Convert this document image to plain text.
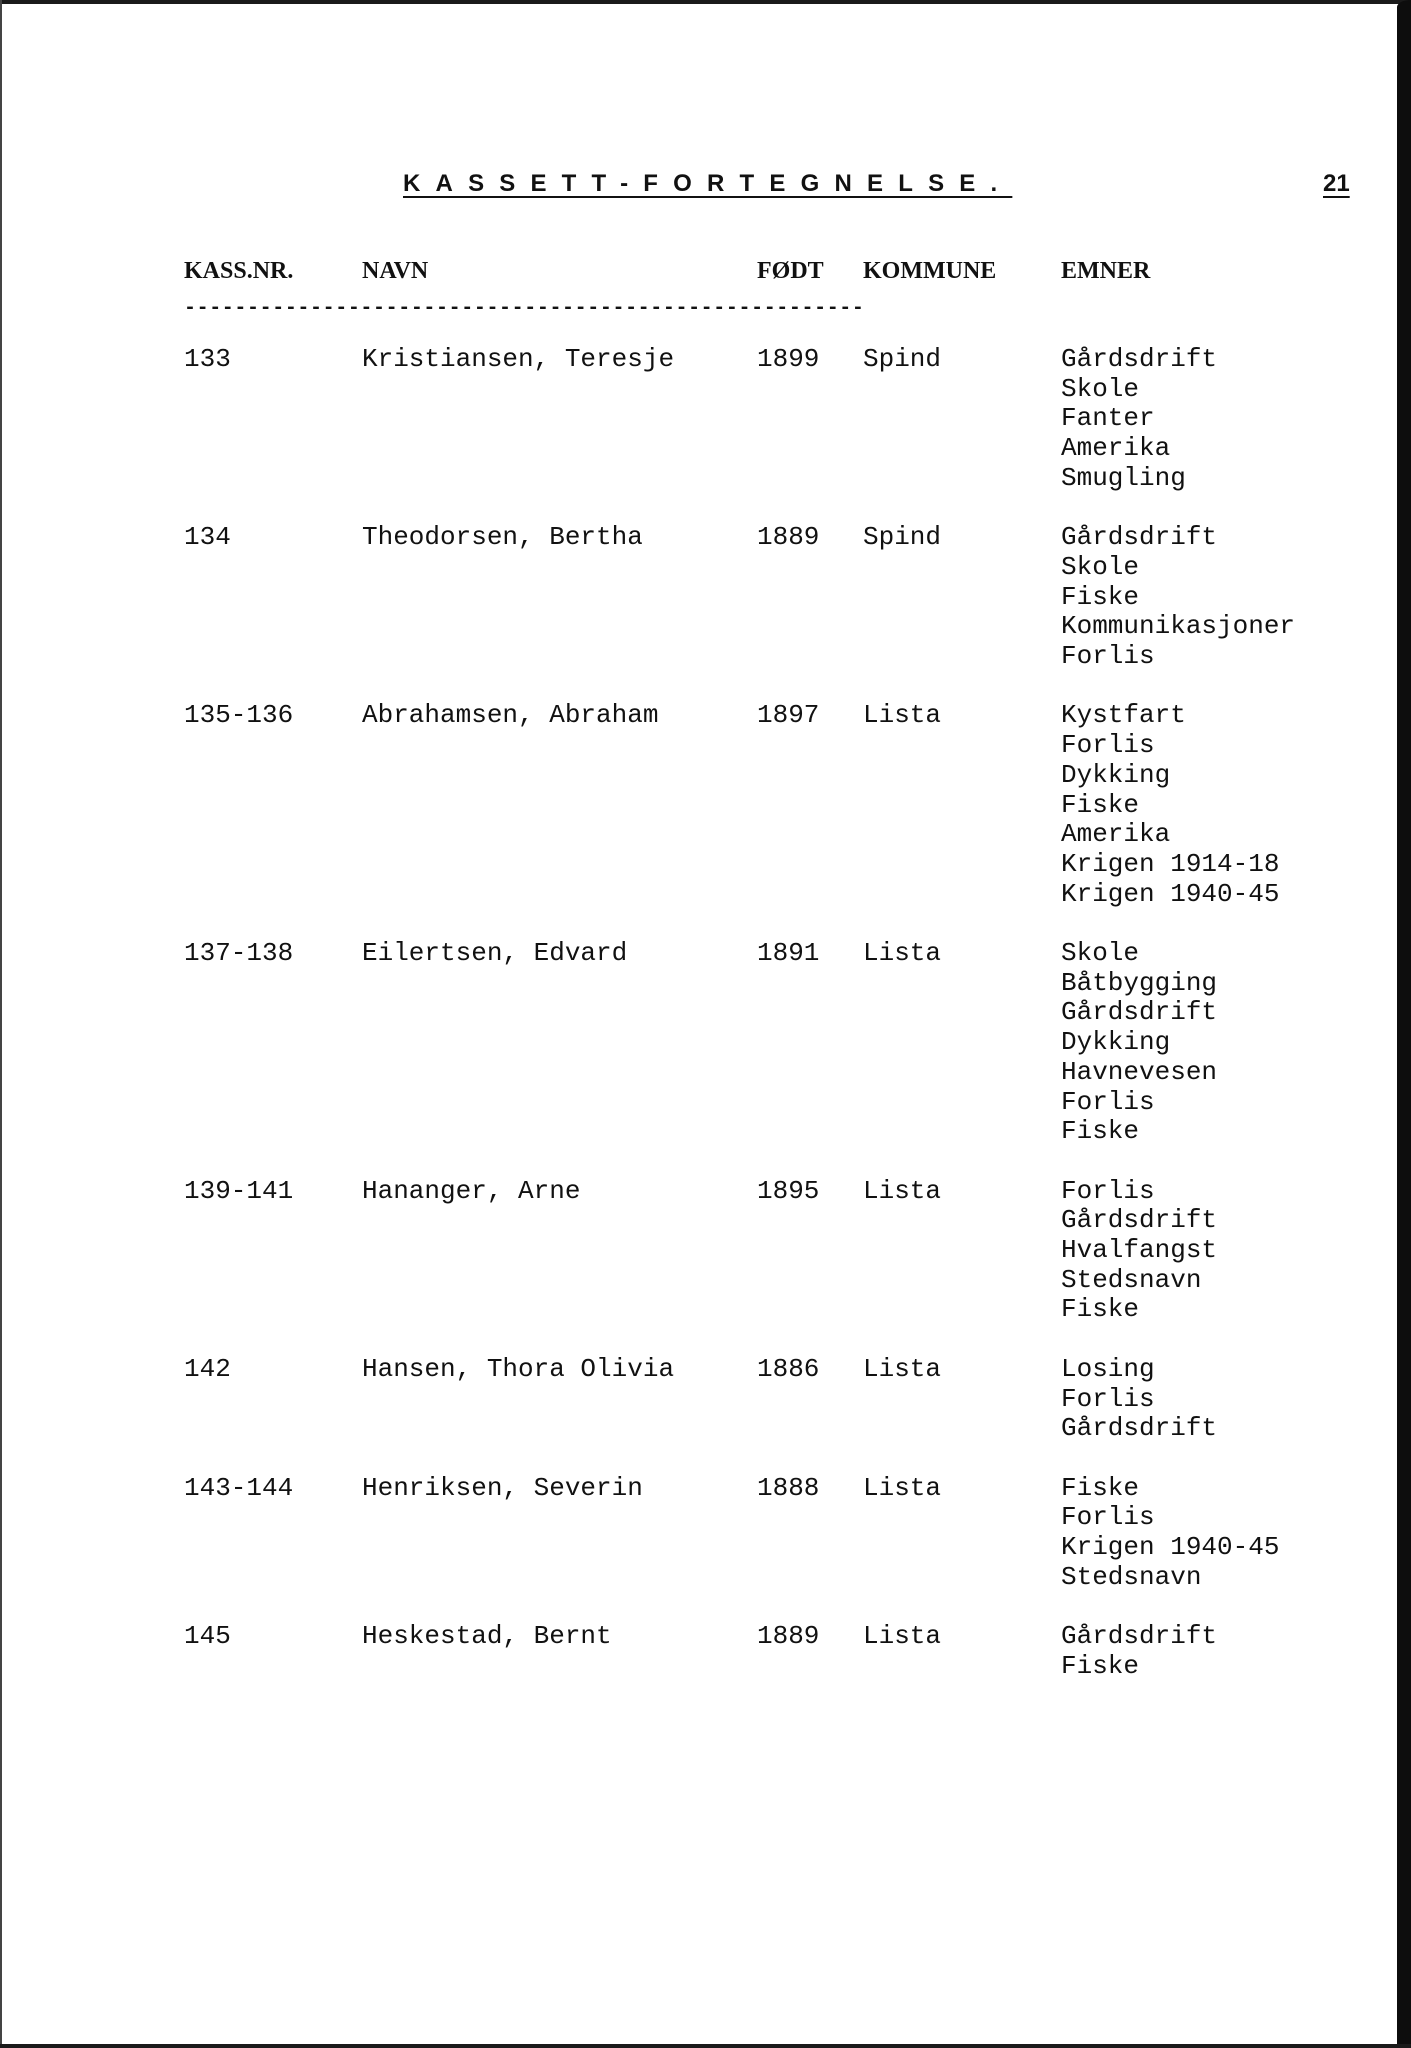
KASSETT-FORTEGNELSE.	21
KASS.NR.	NAVN	FØDT KOMMUNE	EMNER
------------------------------------------------------
133	Kristiansen, Teresje	1899 Spind	Gårdsdrift
Skole
Fanter
Amerika
Smugling
134	Theodorsen, Bertha	1889 Spind	Gårdsdrift
Skole
Fiske
Kommunikasjoner
Forlis
135-136	Abrahamsen, Abraham	1897 Lista	Kystfart
Forlis
Dykking
Fiske
Amerika
Krigen 1914-18
Krigen 1940-45
137-138	Eilertsen, Edvard	1891 Lista	Skole
Båtbygging
Gårdsdrift
Dykking
Havnevesen
Forlis
Fiske
139-141	Hananger, Arne	1895 Lista	Forlis
Gårdsdrift
Hvalfangst
Stedsnavn
Fiske
142	Hansen, Thora Olivia	1886 Lista	Losing
Forlis
Gårdsdrift
143-144	Henriksen, Severin	1888 Lista	Fiske
Forlis
Krigen 1940-45
Stedsnavn
145	Heskestad, Bernt	1889 Lista	Gårdsdrift
Fiske
